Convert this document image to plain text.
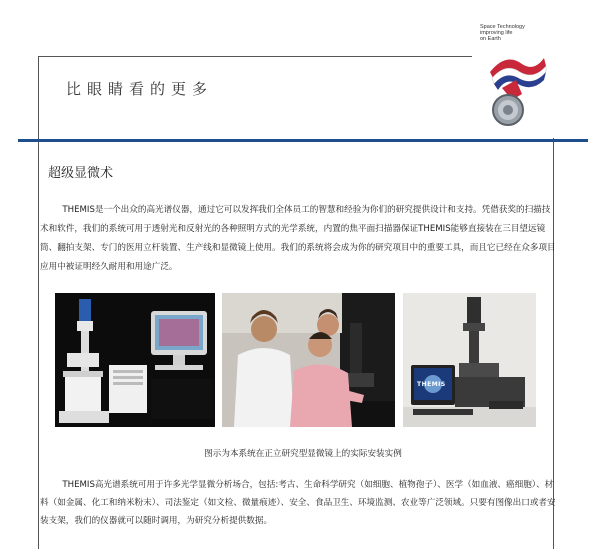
比眼睛看的更多
Space Technology
improving life
on Earth
超级显微术

THEMIS是一个出众的高光谱仪器，通过它可以发挥我们全体员工的智慧和经验为你们的研究提供设计和支持。凭借获奖的扫描技术和软件，我们的系统可用于透射光和反射光的各种照明方式的光学系统，内置的焦平面扫描器保证THEMIS能够直接装在三目望远镜筒、翻拍支架、专门的医用立杆装置、生产线和显微镜上使用。我们的系统将会成为你的研究项目中的重要工具，而且它已经在众多项目应用中被证明经久耐用和用途广泛。

THEMIS
图示为本系统在正立研究型显微镜上的实际安装实例

THEMIS高光谱系统可用于许多光学显微分析场合，包括:考古、生命科学研究（如细胞、植物孢子）、医学（如血液、癌细胞）、材料（如金属、化工和纳米粉末）、司法鉴定（如文检、微量痕迹）、安全、食品卫生、环境监测、农业等广泛领域。只要有图像出口或者安装支架，我们的仪器就可以随时调用，为研究分析提供数据。
